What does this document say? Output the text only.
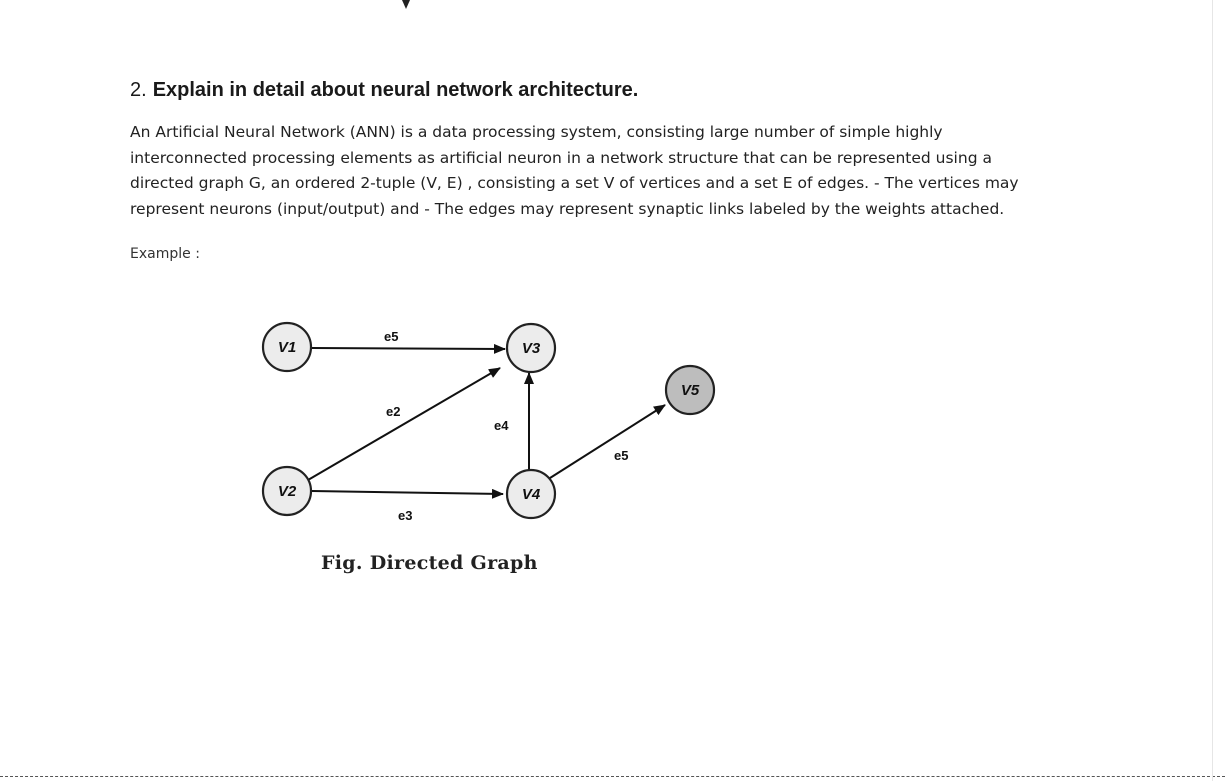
2. Explain in detail about neural network architecture.
An Artificial Neural Network (ANN) is a data processing system, consisting large number of simple highly
interconnected processing elements as artificial neuron in a network structure that can be represented using a
directed graph G, an ordered 2-tuple (V, E) , consisting a set V of vertices and a set E of edges. - The vertices may
represent neurons (input/output) and - The edges may represent synaptic links labeled by the weights attached.
Example :
e5
e2
e4
e5
e3
V1
V2
V3
V4
V5
Fig. Directed Graph
